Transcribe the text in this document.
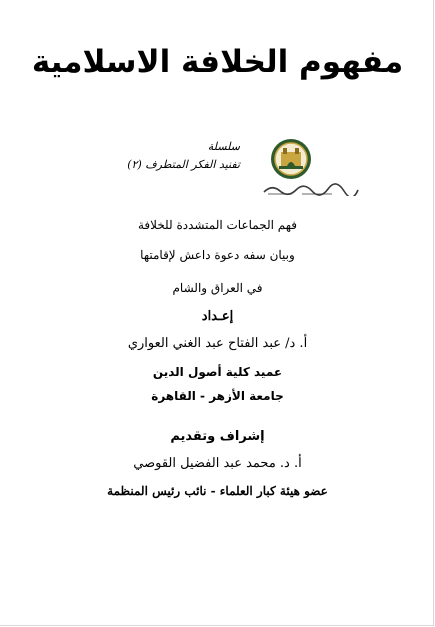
مفهوم الخلافة الاسلامية
سلسلة
تفنيد الفكر المتطرف (٢)
فهم الجماعات المتشددة للخلافة
وبيان سفه دعوة داعش لإقامتها
في العراق والشام
إعـداد
أ. د/ عبد الفتاح عبد الغني العواري
عميد كلية أصول الدين
جامعة الأزهر - القاهرة
إشراف وتقديم
أ. د. محمد عبد الفضيل القوصي
عضو هيئة كبار العلماء - نائب رئيس المنظمة
